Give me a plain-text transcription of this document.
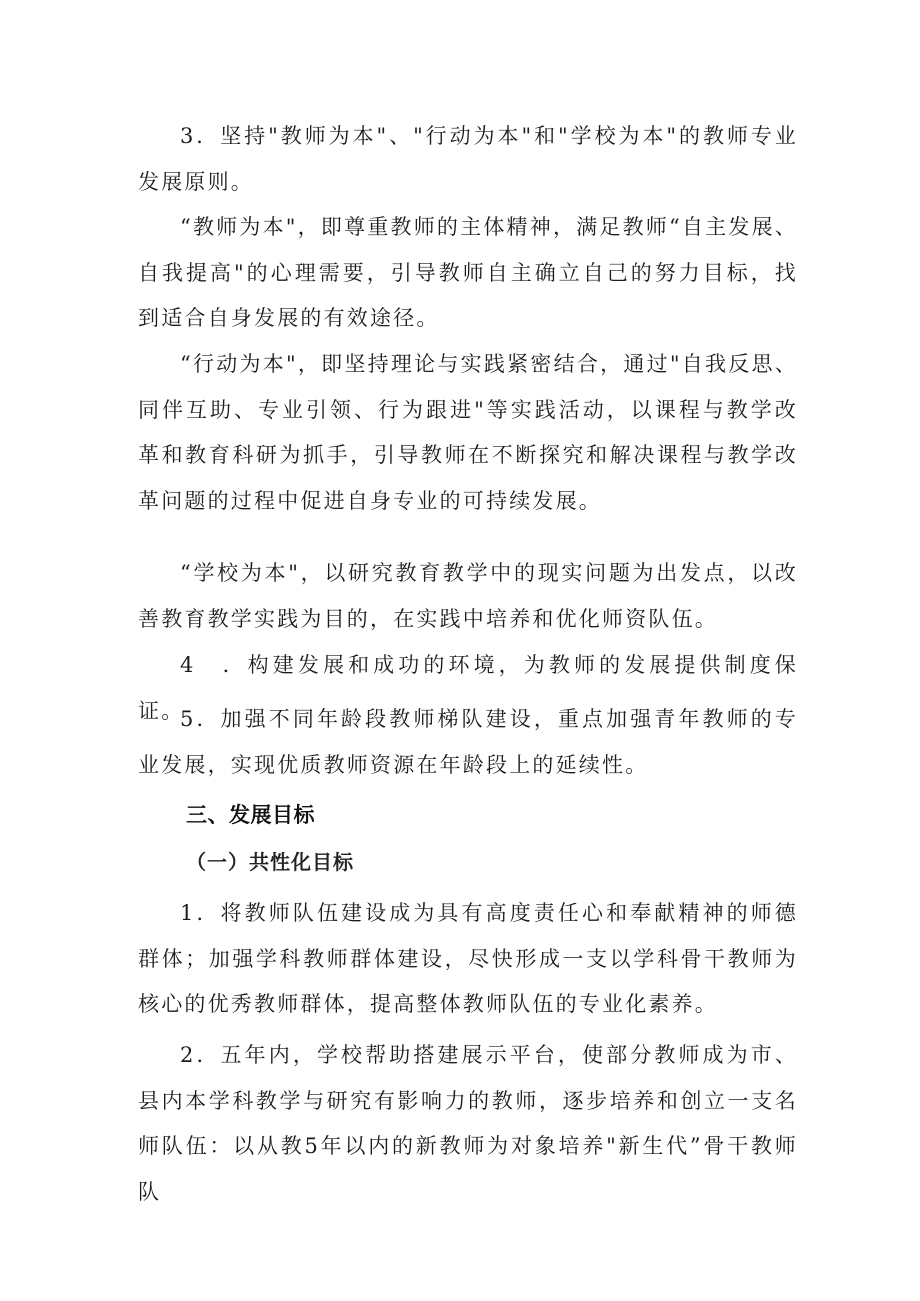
3．坚持"教师为本"、"行动为本"和"学校为本"的教师专业发展原则。

“教师为本"，即尊重教师的主体精神，满足教师“自主发展、自我提高"的心理需要，引导教师自主确立自己的努力目标，找到适合自身发展的有效途径。

“行动为本"，即坚持理论与实践紧密结合，通过"自我反思、同伴互助、专业引领、行为跟进"等实践活动，以课程与教学改革和教育科研为抓手，引导教师在不断探究和解决课程与教学改革问题的过程中促进自身专业的可持续发展。

“学校为本"，以研究教育教学中的现实问题为出发点，以改善教育教学实践为目的，在实践中培养和优化师资队伍。

4　．构建发展和成功的环境，为教师的发展提供制度保证。

5．加强不同年龄段教师梯队建设，重点加强青年教师的专业发展，实现优质教师资源在年龄段上的延续性。

三、发展目标
（一）共性化目标

1．将教师队伍建设成为具有高度责任心和奉献精神的师德群体；加强学科教师群体建设，尽快形成一支以学科骨干教师为核心的优秀教师群体，提高整体教师队伍的专业化素养。

2．五年内，学校帮助搭建展示平台，使部分教师成为市、县内本学科教学与研究有影响力的教师，逐步培养和创立一支名师队伍：以从教5年以内的新教师为对象培养"新生代”骨干教师队
